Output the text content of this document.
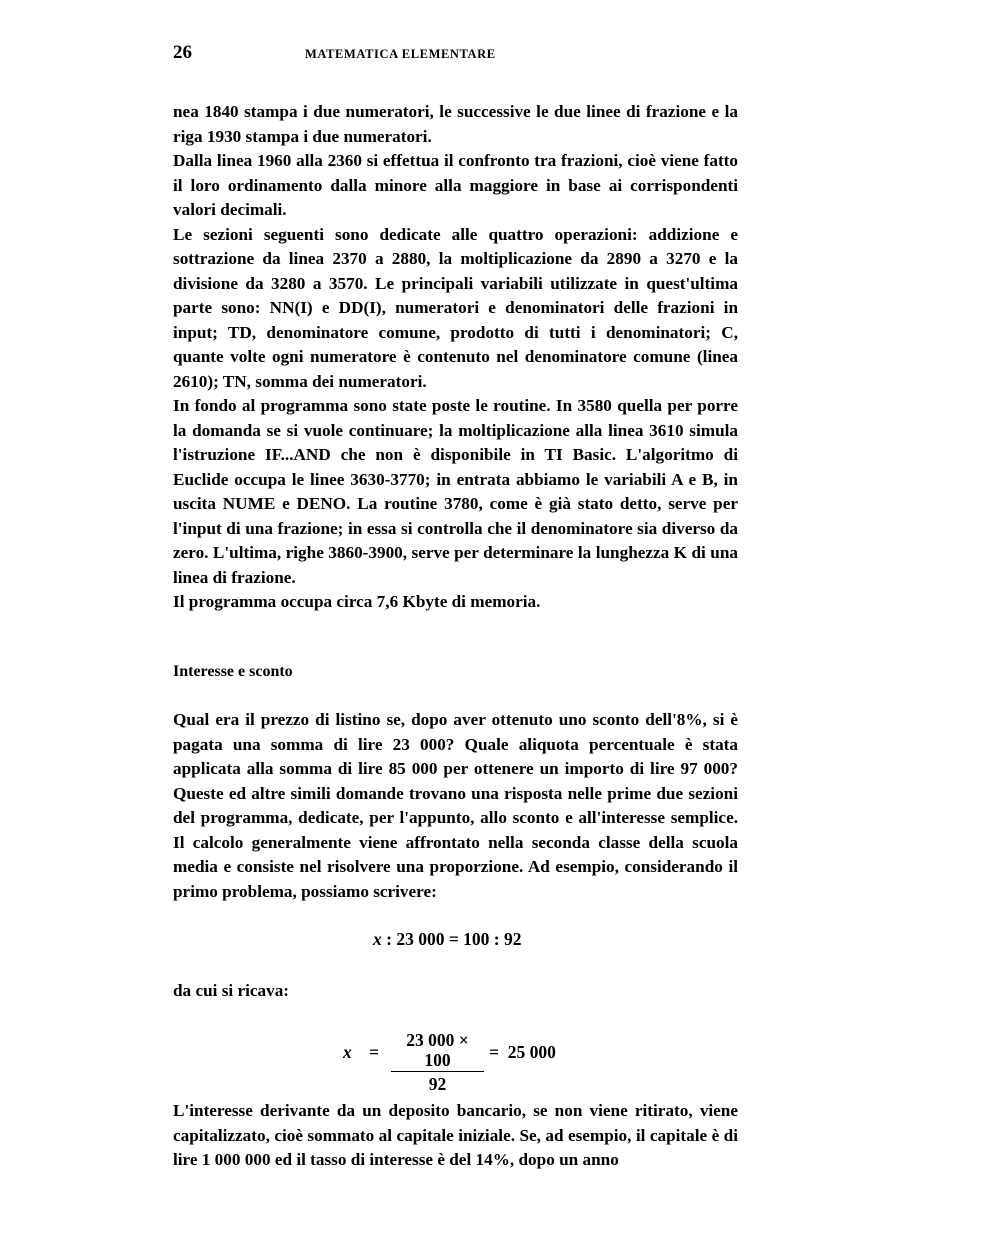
26	MATEMATICA ELEMENTARE

nea 1840 stampa i due numeratori, le successive le due linee di frazione e la riga 1930 stampa i due numeratori.

Dalla linea 1960 alla 2360 si effettua il confronto tra frazioni, cioè viene fatto il loro ordinamento dalla minore alla maggiore in base ai corrispondenti valori decimali.

Le sezioni seguenti sono dedicate alle quattro operazioni: addizione e sottrazione da linea 2370 a 2880, la moltiplicazione da 2890 a 3270 e la divisione da 3280 a 3570. Le principali variabili utilizzate in quest'ultima parte sono: NN(I) e DD(I), numeratori e denominatori delle frazioni in input; TD, denominatore comune, prodotto di tutti i denominatori; C, quante volte ogni numeratore è contenuto nel denominatore comune (linea 2610); TN, somma dei numeratori.

In fondo al programma sono state poste le routine. In 3580 quella per porre la domanda se si vuole continuare; la moltiplicazione alla linea 3610 simula l'istruzione IF...AND che non è disponibile in TI Basic. L'algoritmo di Euclide occupa le linee 3630-3770; in entrata abbiamo le variabili A e B, in uscita NUME e DENO. La routine 3780, come è già stato detto, serve per l'input di una frazione; in essa si controlla che il denominatore sia diverso da zero. L'ultima, righe 3860-3900, serve per determinare la lunghezza K di una linea di frazione.

Il programma occupa circa 7,6 Kbyte di memoria.

Interesse e sconto

Qual era il prezzo di listino se, dopo aver ottenuto uno sconto dell'8%, si è pagata una somma di lire 23 000? Quale aliquota percentuale è stata applicata alla somma di lire 85 000 per ottenere un importo di lire 97 000? Queste ed altre simili domande trovano una risposta nelle prime due sezioni del programma, dedicate, per l'appunto, allo sconto e all'interesse semplice. Il calcolo generalmente viene affrontato nella seconda classe della scuola media e consiste nel risolvere una proporzione. Ad esempio, considerando il primo problema, possiamo scrivere:

x : 23 000 = 100 : 92
da cui si ricava:
x =
23 000 × 100
92
=  25 000

L'interesse derivante da un deposito bancario, se non viene ritirato, viene capitalizzato, cioè sommato al capitale iniziale. Se, ad esempio, il capitale è di lire 1 000 000 ed il tasso di interesse è del 14%, dopo un anno
